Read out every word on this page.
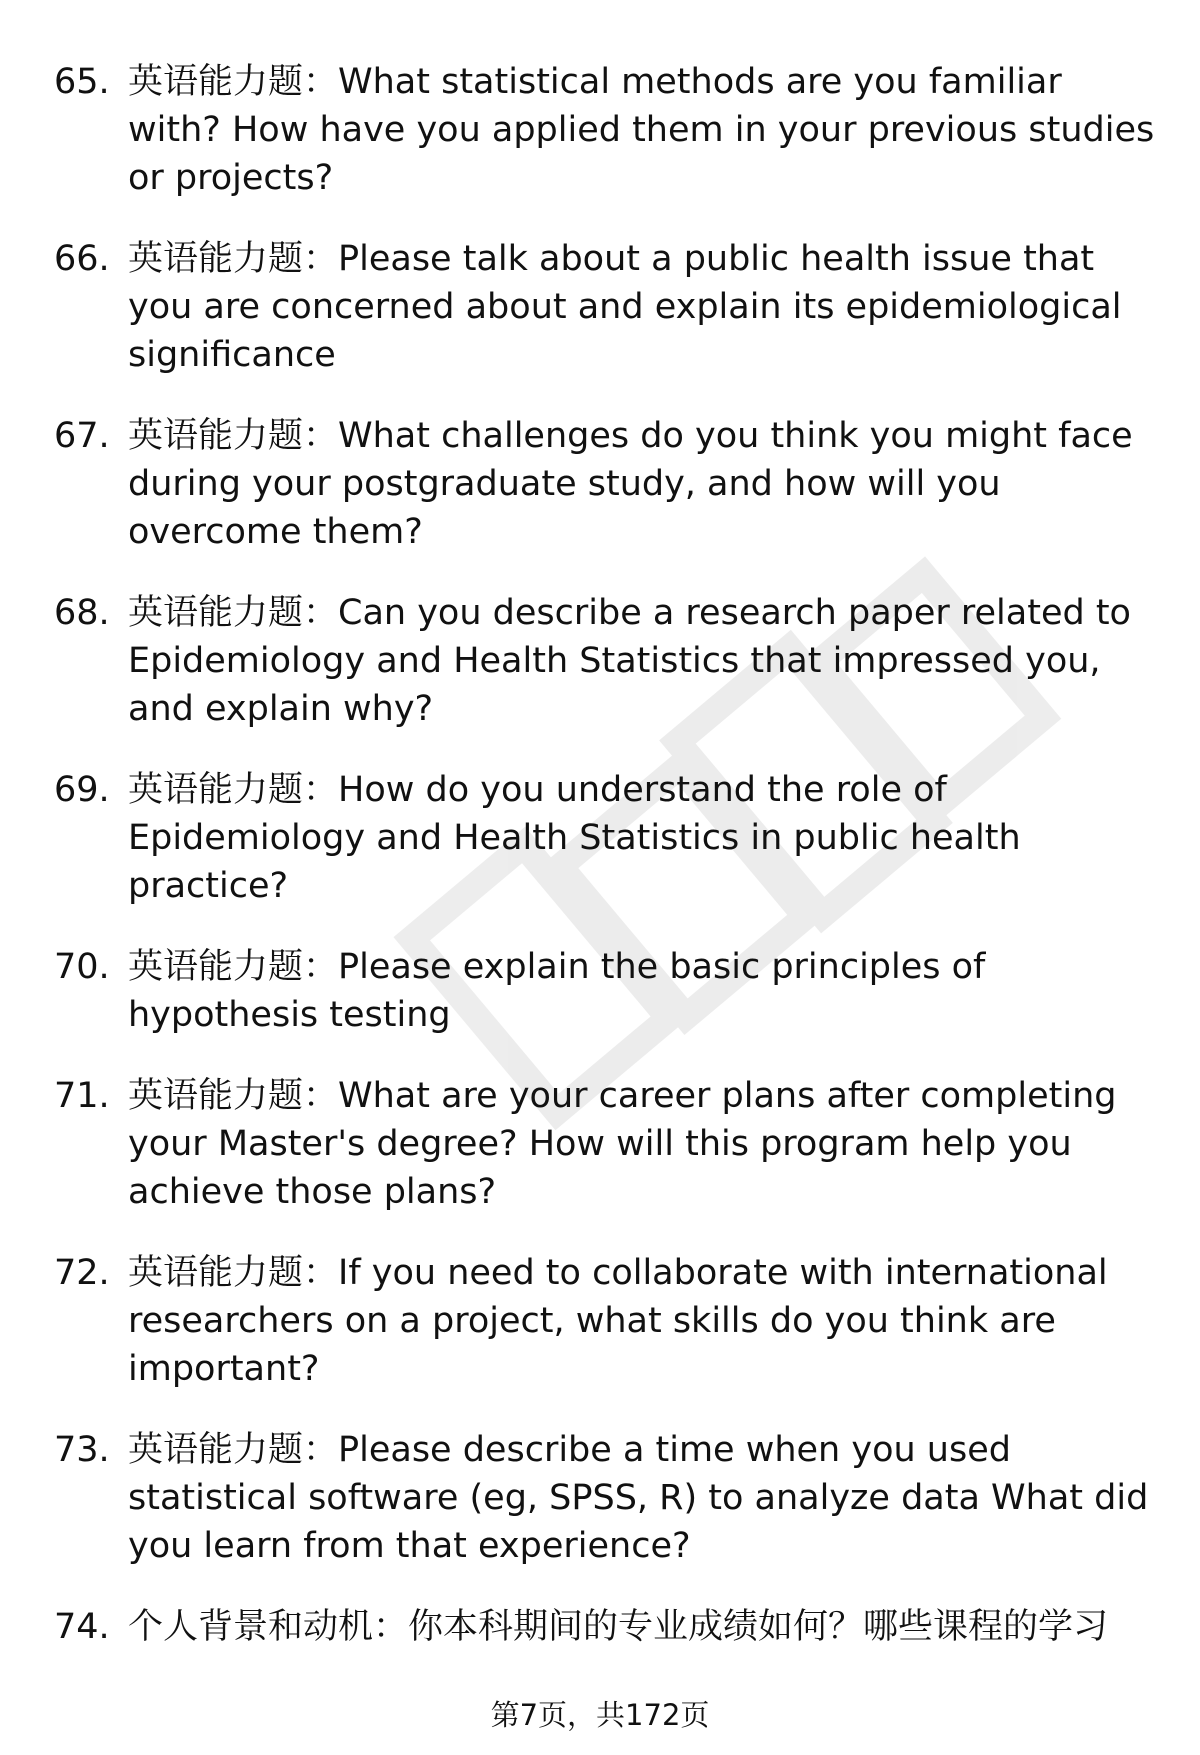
65. 英语能力题：What statistical methods are you familiar with? How have you applied them in your previous studies or projects?
66. 英语能力题：Please talk about a public health issue that you are concerned about and explain its epidemiological significance
67. 英语能力题：What challenges do you think you might face during your postgraduate study, and how will you overcome them?
68. 英语能力题：Can you describe a research paper related to Epidemiology and Health Statistics that impressed you, and explain why?
69. 英语能力题：How do you understand the role of Epidemiology and Health Statistics in public health practice?
70. 英语能力题：Please explain the basic principles of hypothesis testing
71. 英语能力题：What are your career plans after completing your Master's degree? How will this program help you achieve those plans?
72. 英语能力题：If you need to collaborate with international researchers on a project, what skills do you think are important?
73. 英语能力题：Please describe a time when you used statistical software (eg, SPSS, R) to analyze data What did you learn from that experience?
74. 个人背景和动机：你本科期间的专业成绩如何？哪些课程的学习
第7页，共172页
